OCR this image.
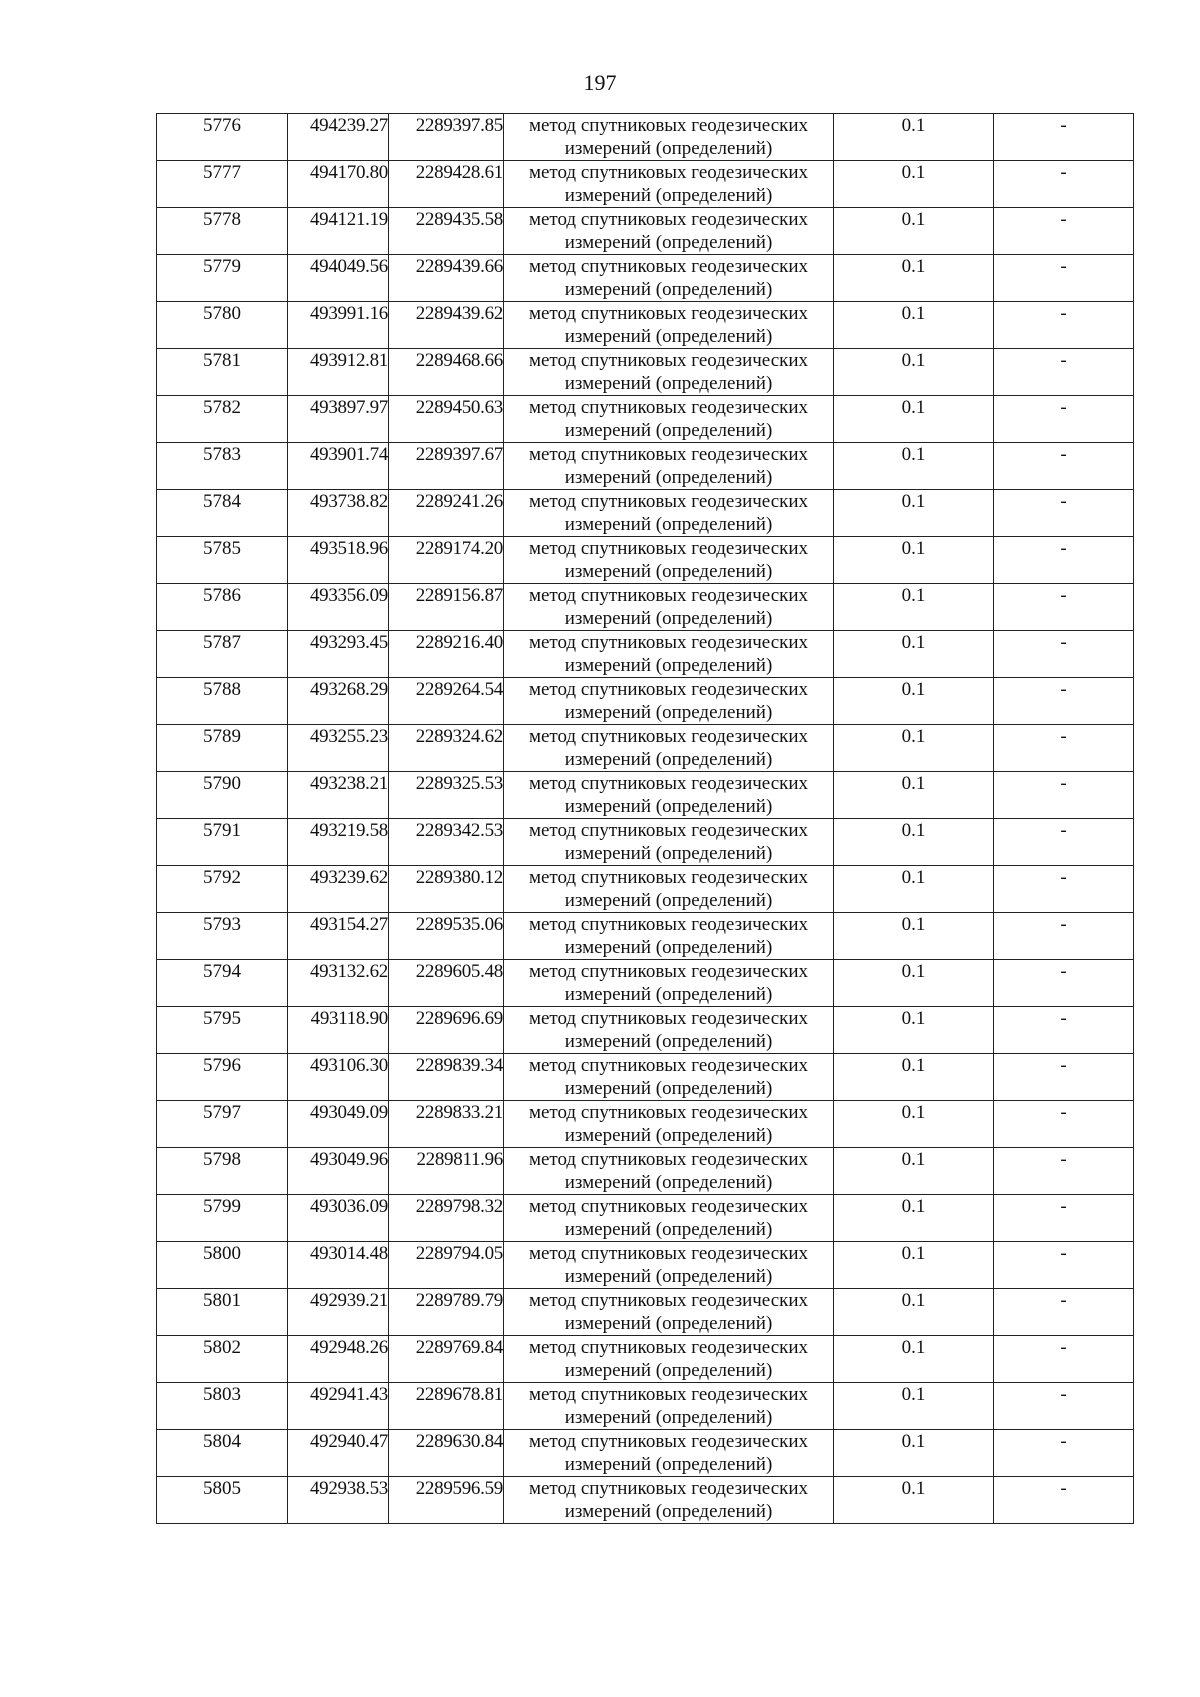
197
5776	494239.27	2289397.85	метод спутниковых геодезических измерений (определений)	0.1	-
5777	494170.80	2289428.61	метод спутниковых геодезических измерений (определений)	0.1	-
5778	494121.19	2289435.58	метод спутниковых геодезических измерений (определений)	0.1	-
5779	494049.56	2289439.66	метод спутниковых геодезических измерений (определений)	0.1	-
5780	493991.16	2289439.62	метод спутниковых геодезических измерений (определений)	0.1	-
5781	493912.81	2289468.66	метод спутниковых геодезических измерений (определений)	0.1	-
5782	493897.97	2289450.63	метод спутниковых геодезических измерений (определений)	0.1	-
5783	493901.74	2289397.67	метод спутниковых геодезических измерений (определений)	0.1	-
5784	493738.82	2289241.26	метод спутниковых геодезических измерений (определений)	0.1	-
5785	493518.96	2289174.20	метод спутниковых геодезических измерений (определений)	0.1	-
5786	493356.09	2289156.87	метод спутниковых геодезических измерений (определений)	0.1	-
5787	493293.45	2289216.40	метод спутниковых геодезических измерений (определений)	0.1	-
5788	493268.29	2289264.54	метод спутниковых геодезических измерений (определений)	0.1	-
5789	493255.23	2289324.62	метод спутниковых геодезических измерений (определений)	0.1	-
5790	493238.21	2289325.53	метод спутниковых геодезических измерений (определений)	0.1	-
5791	493219.58	2289342.53	метод спутниковых геодезических измерений (определений)	0.1	-
5792	493239.62	2289380.12	метод спутниковых геодезических измерений (определений)	0.1	-
5793	493154.27	2289535.06	метод спутниковых геодезических измерений (определений)	0.1	-
5794	493132.62	2289605.48	метод спутниковых геодезических измерений (определений)	0.1	-
5795	493118.90	2289696.69	метод спутниковых геодезических измерений (определений)	0.1	-
5796	493106.30	2289839.34	метод спутниковых геодезических измерений (определений)	0.1	-
5797	493049.09	2289833.21	метод спутниковых геодезических измерений (определений)	0.1	-
5798	493049.96	2289811.96	метод спутниковых геодезических измерений (определений)	0.1	-
5799	493036.09	2289798.32	метод спутниковых геодезических измерений (определений)	0.1	-
5800	493014.48	2289794.05	метод спутниковых геодезических измерений (определений)	0.1	-
5801	492939.21	2289789.79	метод спутниковых геодезических измерений (определений)	0.1	-
5802	492948.26	2289769.84	метод спутниковых геодезических измерений (определений)	0.1	-
5803	492941.43	2289678.81	метод спутниковых геодезических измерений (определений)	0.1	-
5804	492940.47	2289630.84	метод спутниковых геодезических измерений (определений)	0.1	-
5805	492938.53	2289596.59	метод спутниковых геодезических измерений (определений)	0.1	-
